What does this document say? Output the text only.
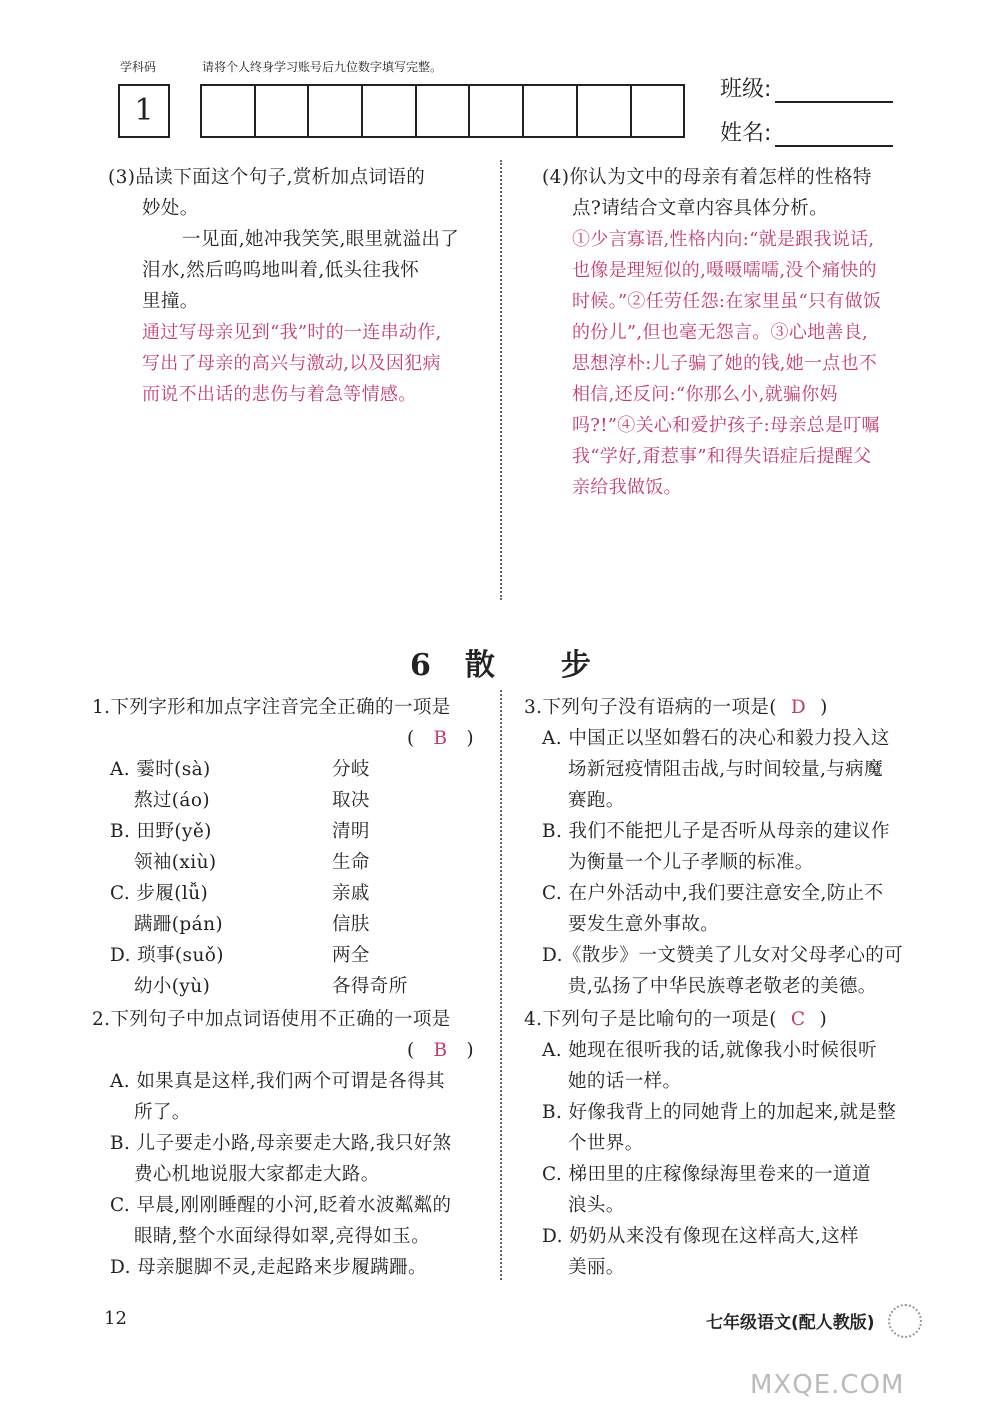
学科码	请将个人终身学习账号后九位数字填写完整。
1
班级:
姓名:
(3)品读下面这个句子,赏析加点词语的
妙处。
一见面,她冲我笑笑,眼里就溢出了
泪水,然后呜呜地叫着,低头往我怀
里撞。
通过写母亲见到“我”时的一连串动作,
写出了母亲的高兴与激动,以及因犯病
而说不出话的悲伤与着急等情感。
(4)你认为文中的母亲有着怎样的性格特
点?请结合文章内容具体分析。
①少言寡语,性格内向:“就是跟我说话,
也像是理短似的,嗫嗫嚅嚅,没个痛快的
时候。”②任劳任怨:在家里虽“只有做饭
的份儿”,但也毫无怨言。③心地善良,
思想淳朴:儿子骗了她的钱,她一点也不
相信,还反问:“你那么小,就骗你妈
吗?!”④关心和爱护孩子:母亲总是叮嘱
我“学好,甭惹事”和得失语症后提醒父
亲给我做饭。
6　散　　步
1.下列字形和加点字注音完全正确的一项是
(　B　)
A. 霎时(sà)	分岐
熬过(áo)	取决
B. 田野(yě)	清明
领袖(xiù)	生命
C. 步履(lǚ)	亲戚
蹒跚(pán)	信肤
D. 琐事(suǒ)	两全
幼小(yù)	各得奇所
2.下列句子中加点词语使用不正确的一项是
(　B　)
A. 如果真是这样,我们两个可谓是各得其
所了。
B. 儿子要走小路,母亲要走大路,我只好煞
费心机地说服大家都走大路。
C. 早晨,刚刚睡醒的小河,眨着水波粼粼的
眼睛,整个水面绿得如翠,亮得如玉。
D. 母亲腿脚不灵,走起路来步履蹒跚。
3.下列句子没有语病的一项是( D )
A. 中国正以坚如磐石的决心和毅力投入这
场新冠疫情阻击战,与时间较量,与病魔
赛跑。
B. 我们不能把儿子是否听从母亲的建议作
为衡量一个儿子孝顺的标准。
C. 在户外活动中,我们要注意安全,防止不
要发生意外事故。
D.《散步》一文赞美了儿女对父母孝心的可
贵,弘扬了中华民族尊老敬老的美德。
4.下列句子是比喻句的一项是( C )
A. 她现在很听我的话,就像我小时候很听
她的话一样。
B. 好像我背上的同她背上的加起来,就是整
个世界。
C. 梯田里的庄稼像绿海里卷来的一道道
浪头。
D. 奶奶从来没有像现在这样高大,这样
美丽。
12	七年级语文(配人教版)
MXQE.COM
